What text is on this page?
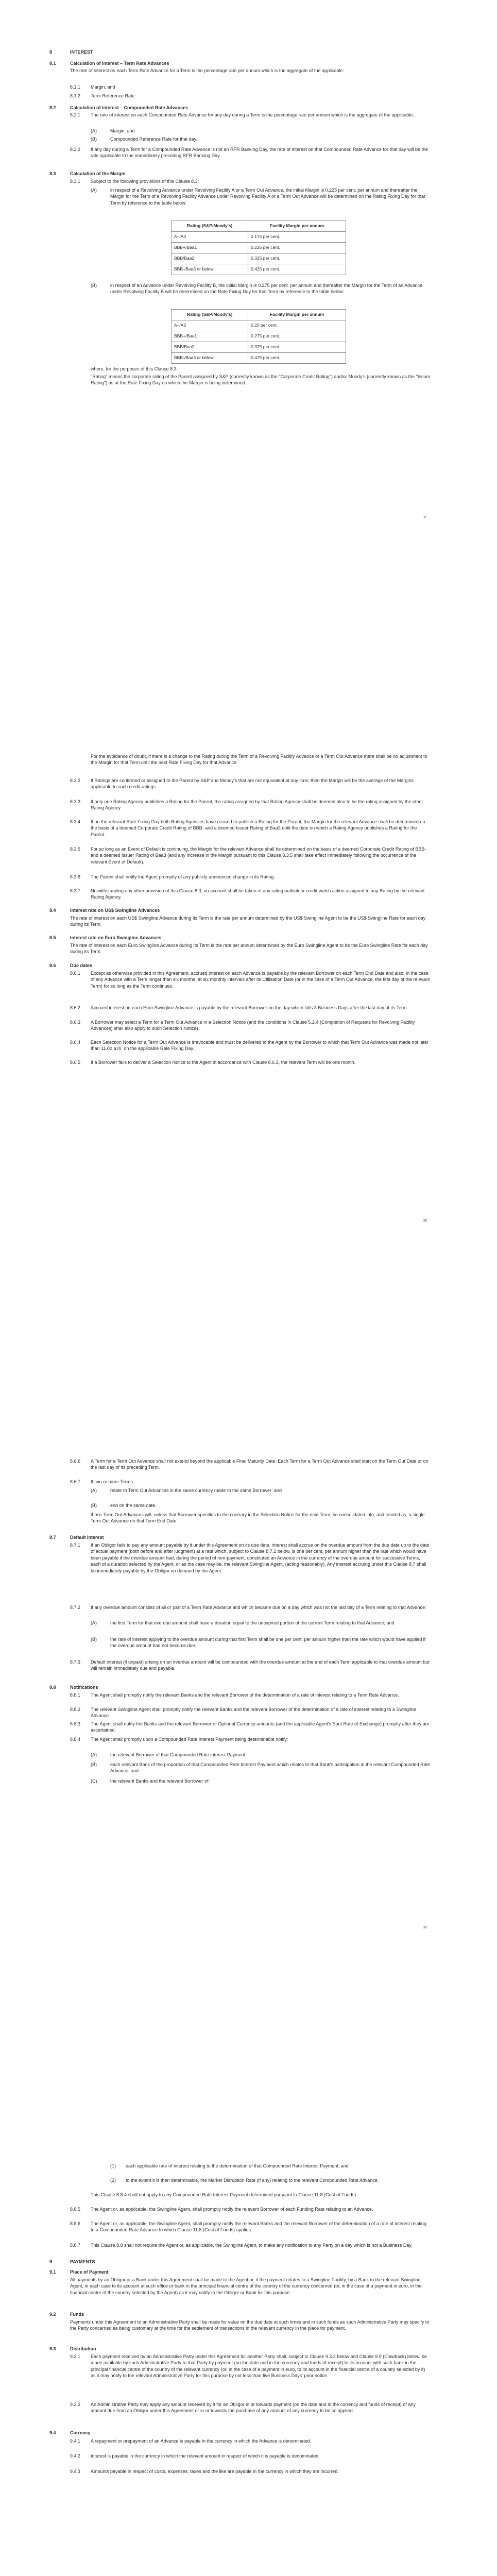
8	INTEREST
8.1	Calculation of interest – Term Rate Advances
The rate of interest on each Term Rate Advance for a Term is the percentage rate per annum which is the aggregate of the applicable:
8.1.1 Margin; and
8.1.2 Term Reference Rate.
8.2	Calculation of interest – Compounded Rate Advances
8.2.1 The rate of interest on each Compounded Rate Advance for any day during a Term is the percentage rate per annum which is the aggregate of the applicable:
(A)	Margin; and
(B)	Compounded Reference Rate for that day.
8.2.2 If any day during a Term for a Compounded Rate Advance is not an RFR Banking Day, the rate of interest on that Compounded Rate Advance for that day will be the rate applicable to the immediately preceding RFR Banking Day.
8.3	Calculation of the Margin
8.3.1 Subject to the following provisions of this Clause 8.3:
(A)	in respect of a Revolving Advance under Revolving Facility A or a Term Out Advance, the initial Margin is 0.225 per cent. per annum and thereafter the Margin for the Term of a Revolving Facility Advance under Revolving Facility A or a Term Out Advance will be determined on the Rating Fixing Day for that Term by reference to the table below:
Rating (S&P/Moody's)	Facility Margin per annum
A–/A3	0.175 per cent.
BBB+/Baa1	0.225 per cent.
BBB/Baa2	0.325 per cent.
BBB-/Baa3 or below	0.425 per cent.
(B)	in respect of an Advance under Revolving Facility B, the initial Margin is 0.275 per cent. per annum and thereafter the Margin for the Term of an Advance under Revolving Facility B will be determined on the Rate Fixing Day for that Term by reference to the table below:
Rating (S&P/Moody's)	Facility Margin per annum
A–/A3	0.20 per cent.
BBB+/Baa1	0.275 per cent.
BBB/Baa2	0.375 per cent.
BBB-/Baa3 or below	0.475 per cent.
where, for the purposes of this Clause 8.3:
"Rating" means the corporate rating of the Parent assigned by S&P (currently known as the "Corporate Credit Rating") and/or Moody's (currently known as the "Issuer Rating") as at the Rate Fixing Day on which the Margin is being determined.
37
For the avoidance of doubt, if there is a change to the Rating during the Term of a Revolving Facility Advance or a Term Out Advance there shall be no adjustment to the Margin for that Term until the next Rate Fixing Day for that Advance.
8.3.2 If Ratings are confirmed or assigned to the Parent by S&P and Moody's that are not equivalent at any time, then the Margin will be the average of the Margins applicable to such credit ratings.
8.3.3 If only one Rating Agency publishes a Rating for the Parent, the rating assigned by that Rating Agency shall be deemed also to be the rating assigned by the other Rating Agency.
8.3.4 If on the relevant Rate Fixing Day both Rating Agencies have ceased to publish a Rating for the Parent, the Margin for the relevant Advance shall be determined on the basis of a deemed Corporate Credit Rating of BBB- and a deemed Issuer Rating of Baa3 until the date on which a Rating Agency publishes a Rating for the Parent.
8.3.5 For so long as an Event of Default is continuing, the Margin for the relevant Advance shall be determined on the basis of a deemed Corporate Credit Rating of BBB- and a deemed Issuer Rating of Baa3 (and any increase in the Margin pursuant to this Clause 8.3.5 shall take effect immediately following the occurrence of the relevant Event of Default).
8.3.6 The Parent shall notify the Agent promptly of any publicly announced change in its Rating.
8.3.7 Notwithstanding any other provision of this Clause 8.3, no account shall be taken of any rating outlook or credit watch action assigned to any Rating by the relevant Rating Agency.
8.4	Interest rate on US$ Swingline Advances
The rate of interest on each US$ Swingline Advance during its Term is the rate per annum determined by the US$ Swingline Agent to be the US$ Swingline Rate for each day during its Term.
8.5	Interest rate on Euro Swingline Advances
The rate of interest on each Euro Swingline Advance during its Term is the rate per annum determined by the Euro Swingline Agent to be the Euro Swingline Rate for each day during its Term.
8.6	Due dates
8.6.1 Except as otherwise provided in this Agreement, accrued interest on each Advance is payable by the relevant Borrower on each Term End Date and also, in the case of any Advance with a Term longer than six months, at six monthly intervals after its Utilisation Date (or in the case of a Term Out Advance, the first day of the relevant Term) for so long as the Term continues.
8.6.2 Accrued interest on each Euro Swingline Advance is payable by the relevant Borrower on the day which falls 3 Business Days after the last day of its Term.
8.6.3 A Borrower may select a Term for a Term Out Advance in a Selection Notice (and the conditions in Clause 5.2.4 (Completion of Requests for Revolving Facility Advances) shall also apply to such Selection Notice).
8.6.4 Each Selection Notice for a Term Out Advance is irrevocable and must be delivered to the Agent by the Borrower to which that Term Out Advance was made not later than 11.00 a.m. on the applicable Rate Fixing Day.
8.6.5 If a Borrower fails to deliver a Selection Notice to the Agent in accordance with Clause 8.6.3, the relevant Term will be one month.
38
8.6.6 A Term for a Term Out Advance shall not extend beyond the applicable Final Maturity Date. Each Term for a Term Out Advance shall start on the Term Out Date or on the last day of its preceding Term.
8.6.7 If two or more Terms:
(A)	relate to Term Out Advances in the same currency made to the same Borrower; and
(B)	end on the same date,
those Term Out Advances will, unless that Borrower specifies to the contrary in the Selection Notice for the next Term, be consolidated into, and treated as, a single Term Out Advance on that Term End Date.
8.7	Default interest
8.7.1 If an Obligor fails to pay any amount payable by it under this Agreement on its due date, interest shall accrue on the overdue amount from the due date up to the date of actual payment (both before and after judgment) at a rate which, subject to Clause 8.7.2 below, is one per cent. per annum higher than the rate which would have been payable if the overdue amount had, during the period of non-payment, constituted an Advance in the currency of the overdue amount for successive Terms, each of a duration selected by the Agent, or as the case may be, the relevant Swingline Agent, (acting reasonably). Any interest accruing under this Clause 8.7 shall be immediately payable by the Obligor on demand by the Agent.
8.7.2 If any overdue amount consists of all or part of a Term Rate Advance and which became due on a day which was not the last day of a Term relating to that Advance:
(A)	the first Term for that overdue amount shall have a duration equal to the unexpired portion of the current Term relating to that Advance; and
(B)	the rate of interest applying to the overdue amount during that first Term shall be one per cent. per annum higher than the rate which would have applied if the overdue amount had not become due.
8.7.3 Default interest (if unpaid) arising on an overdue amount will be compounded with the overdue amount at the end of each Term applicable to that overdue amount but will remain immediately due and payable.
8.8	Notifications
8.8.1 The Agent shall promptly notify the relevant Banks and the relevant Borrower of the determination of a rate of interest relating to a Term Rate Advance.
8.8.2 The relevant Swingline Agent shall promptly notify the relevant Banks and the relevant Borrower of the determination of a rate of interest relating to a Swingline Advance.
8.8.3 The Agent shall notify the Banks and the relevant Borrower of Optional Currency amounts (and the applicable Agent's Spot Rate of Exchange) promptly after they are ascertained.
8.8.4 The Agent shall promptly upon a Compounded Rate Interest Payment being determinable notify:
(A)	the relevant Borrower of that Compounded Rate Interest Payment;
(B)	each relevant Bank of the proportion of that Compounded Rate Interest Payment which relates to that Bank's participation in the relevant Compounded Rate Advance; and
(C)	the relevant Banks and the relevant Borrower of:
39
(1) each applicable rate of interest relating to the determination of that Compounded Rate Interest Payment; and
(2) to the extent it is then determinable, the Market Disruption Rate (if any) relating to the relevant Compounded Rate Advance.
This Clause 8.8.4 shall not apply to any Compounded Rate Interest Payment determined pursuant to Clause 11.8 (Cost of Funds).
8.8.5 The Agent or, as applicable, the Swingline Agent, shall promptly notify the relevant Borrower of each Funding Rate relating to an Advance.
8.8.6 The Agent or, as applicable, the Swingline Agent, shall promptly notify the relevant Banks and the relevant Borrower of the determination of a rate of interest relating to a Compounded Rate Advance to which Clause 11.8 (Cost of Funds) applies.
8.8.7 This Clause 8.8 shall not require the Agent or, as applicable, the Swingline Agent, to make any notification to any Party on a day which is not a Business Day.
9	PAYMENTS
9.1	Place of Payment
All payments by an Obligor or a Bank under this Agreement shall be made to the Agent or, if the payment relates to a Swingline Facility, by a Bank to the relevant Swingline Agent, in each case to its account at such office or bank in the principal financial centre of the country of the currency concerned (or, in the case of a payment in euro, in the financial centre of the country selected by the Agent) as it may notify to the Obligor or Bank for this purpose.
9.2	Funds
Payments under this Agreement to an Administrative Party shall be made for value on the due date at such times and in such funds as such Administrative Party may specify to the Party concerned as being customary at the time for the settlement of transactions in the relevant currency in the place for payment.
9.3	Distribution
9.3.1 Each payment received by an Administrative Party under this Agreement for another Party shall, subject to Clause 9.3.2 below and Clause 9.9 (Clawback) below, be made available by such Administrative Party to that Party by payment (on the date and in the currency and funds of receipt) to its account with such bank in the principal financial centre of the country of the relevant currency (or, in the case of a payment in euro, to its account in the financial centre of a country selected by it) as it may notify to the relevant Administrative Party for this purpose by not less than five Business Days' prior notice.
9.3.2 An Administrative Party may apply any amount received by it for an Obligor in or towards payment (on the date and in the currency and funds of receipt) of any amount due from an Obligor under this Agreement or in or towards the purchase of any amount of any currency to be so applied.
9.4	Currency
9.4.1 A repayment or prepayment of an Advance is payable in the currency in which the Advance is denominated.
9.4.2 Interest is payable in the currency in which the relevant amount in respect of which it is payable is denominated.
9.4.3 Amounts payable in respect of costs, expenses, taxes and the like are payable in the currency in which they are incurred.
